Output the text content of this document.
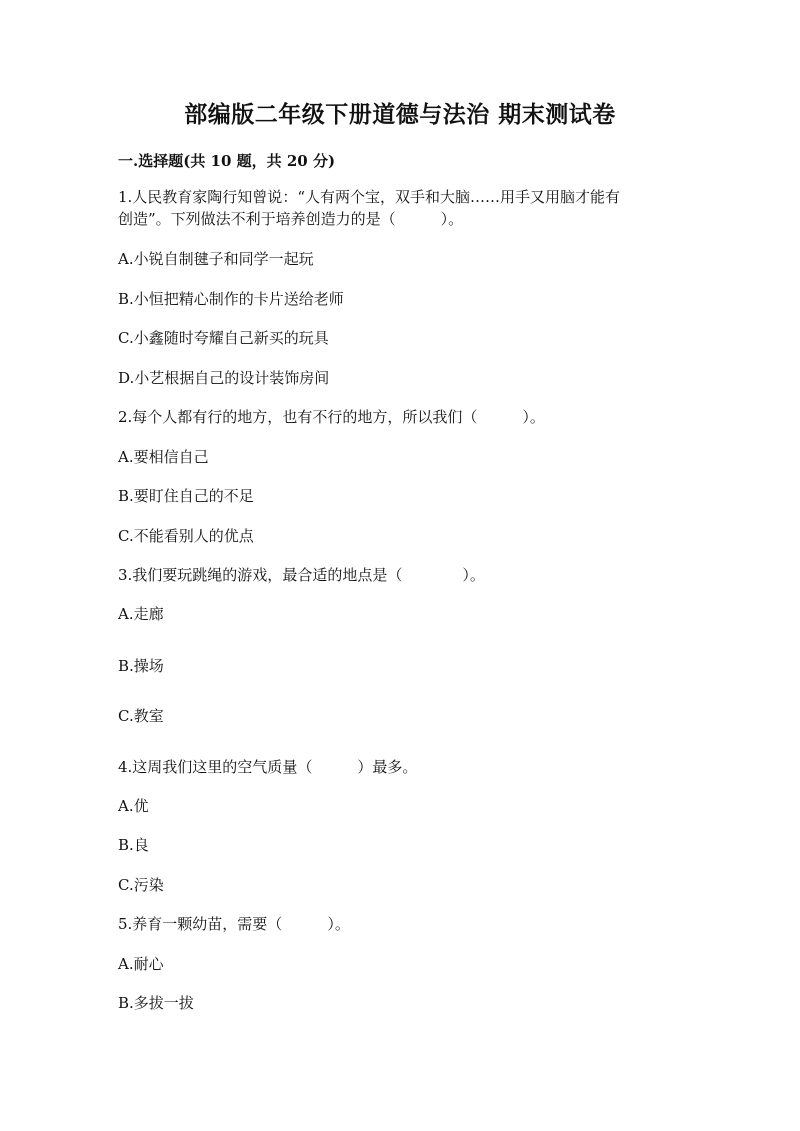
部编版二年级下册道德与法治 期末测试卷
一.选择题(共 10 题，共 20 分)
1.人民教育家陶行知曾说：“人有两个宝，双手和大脑……用手又用脑才能有
创造”。下列做法不利于培养创造力的是（　　　）。
A.小锐自制毽子和同学一起玩
B.小恒把精心制作的卡片送给老师
C.小鑫随时夸耀自己新买的玩具
D.小艺根据自己的设计装饰房间
2.每个人都有行的地方，也有不行的地方，所以我们（　　　）。
A.要相信自己
B.要盯住自己的不足
C.不能看别人的优点
3.我们要玩跳绳的游戏，最合适的地点是（　　　　）。
A.走廊
B.操场
C.教室
4.这周我们这里的空气质量（　　　）最多。
A.优
B.良
C.污染
5.养育一颗幼苗，需要（　　　）。
A.耐心
B.多拔一拔
